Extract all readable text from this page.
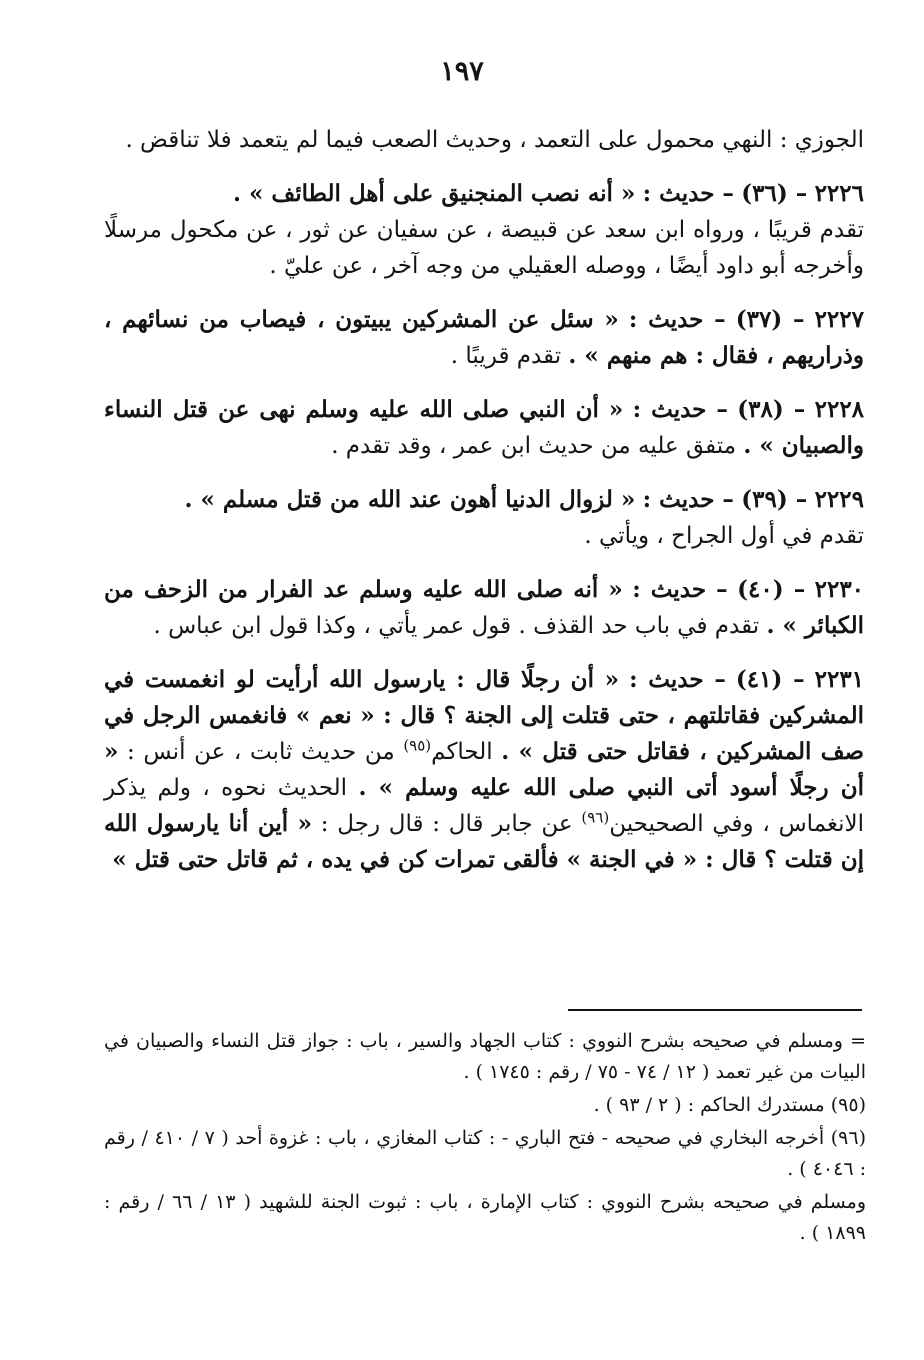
١٩٧

الجوزي : النهي محمول على التعمد ، وحديث الصعب فيما لم يتعمد فلا تناقض .

٢٢٢٦ – (٣٦) – حديث : « أنه نصب المنجنيق على أهل الطائف » .
تقدم قريبًا ، ورواه ابن سعد عن قبيصة ، عن سفيان عن ثور ، عن مكحول مرسلًا وأخرجه أبو داود أيضًا ، ووصله العقيلي من وجه آخر ، عن عليّ .

٢٢٢٧ – (٣٧) – حديث : « سئل عن المشركين يبيتون ، فيصاب من نسائهم ، وذراريهم ، فقال : هم منهم » . تقدم قريبًا .

٢٢٢٨ – (٣٨) – حديث : « أن النبي صلى الله عليه وسلم نهى عن قتل النساء والصبيان » . متفق عليه من حديث ابن عمر ، وقد تقدم .

٢٢٢٩ – (٣٩) – حديث : « لزوال الدنيا أهون عند الله من قتل مسلم » .
تقدم في أول الجراح ، ويأتي .

٢٢٣٠ – (٤٠) – حديث : « أنه صلى الله عليه وسلم عد الفرار من الزحف من الكبائر » . تقدم في باب حد القذف . قول عمر يأتي ، وكذا قول ابن عباس .

٢٢٣١ – (٤١) – حديث : « أن رجلًا قال : يارسول الله أرأيت لو انغمست في المشركين فقاتلتهم ، حتى قتلت إلى الجنة ؟ قال : « نعم » فانغمس الرجل في صف المشركين ، فقاتل حتى قتل » . الحاكم$^{(٩٥)}$ من حديث ثابت ، عن أنس : « أن رجلًا أسود أتى النبي صلى الله عليه وسلم » . الحديث نحوه ، ولم يذكر الانغماس ، وفي الصحيحين$^{(٩٦)}$ عن جابر قال : قال رجل : « أين أنا يارسول الله إن قتلت ؟ قال : « في الجنة » فألقى تمرات كن في يده ، ثم قاتل حتى قتل »

= ومسلم في صحيحه بشرح النووي : كتاب الجهاد والسير ، باب : جواز قتل النساء والصبيان في البيات من غير تعمد ( ١٢ / ٧٤ - ٧٥ / رقم : ١٧٤٥ ) .

(٩٥) مستدرك الحاكم : ( ٢ / ٩٣ ) .

(٩٦) أخرجه البخاري في صحيحه - فتح الباري - : كتاب المغازي ، باب : غزوة أحد ( ٧ / ٤١٠ / رقم : ٤٠٤٦ ) .

ومسلم في صحيحه بشرح النووي : كتاب الإمارة ، باب : ثبوت الجنة للشهيد ( ١٣ / ٦٦ / رقم : ١٨٩٩ ) .
